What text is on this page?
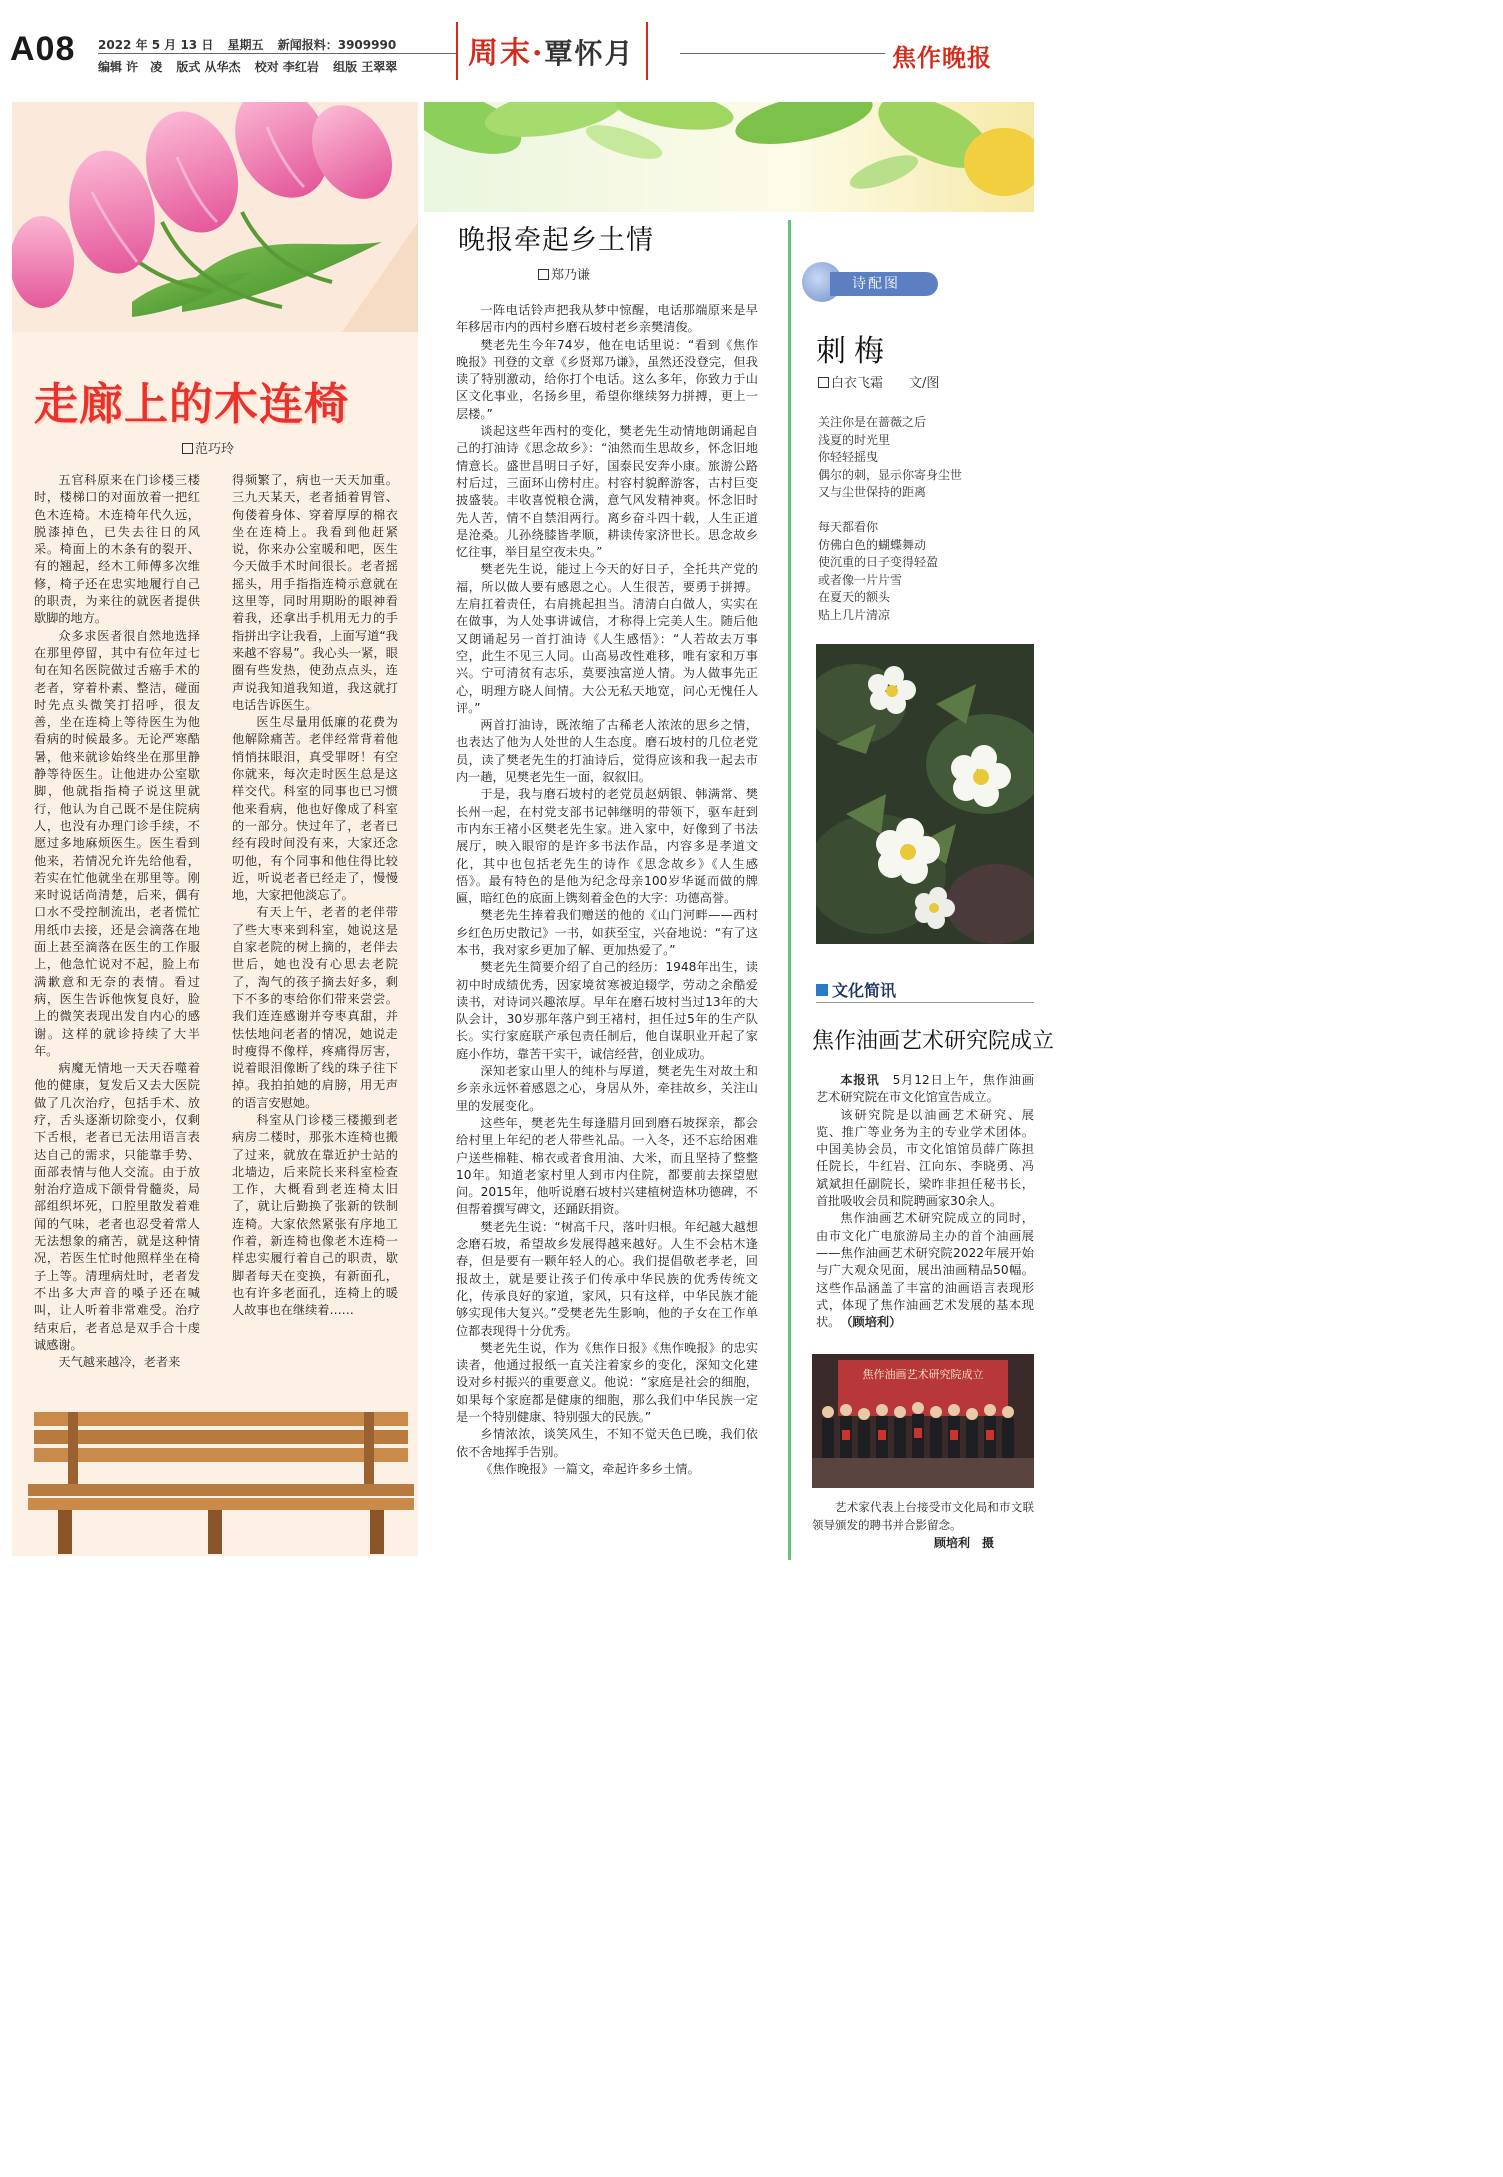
A08 2022 年 5 月 13 日 星期五 新闻报料：3909990
编辑 许　凌 版式 从华杰 校对 李红岩 组版 王翠翠	周末·覃怀月	焦作晚报
走廊上的木连椅
范巧玲

五官科原来在门诊楼三楼时，楼梯口的对面放着一把红色木连椅。木连椅年代久远，脱漆掉色，已失去往日的风采。椅面上的木条有的裂开、有的翘起，经木工师傅多次维修，椅子还在忠实地履行自己的职责，为来往的就医者提供歇脚的地方。

众多求医者很自然地选择在那里停留，其中有位年过七旬在知名医院做过舌癌手术的老者，穿着朴素、整洁，碰面时先点头微笑打招呼，很友善，坐在连椅上等待医生为他看病的时候最多。无论严寒酷暑，他来就诊始终坐在那里静静等待医生。让他进办公室歇脚，他就指指椅子说这里就行，他认为自己既不是住院病人，也没有办理门诊手续，不愿过多地麻烦医生。医生看到他来，若情况允许先给他看，若实在忙他就坐在那里等。刚来时说话尚清楚，后来，偶有口水不受控制流出，老者慌忙用纸巾去接，还是会滴落在地面上甚至滴落在医生的工作服上，他急忙说对不起，脸上布满歉意和无奈的表情。看过病，医生告诉他恢复良好，脸上的微笑表现出发自内心的感谢。这样的就诊持续了大半年。

病魔无情地一天天吞噬着他的健康，复发后又去大医院做了几次治疗，包括手术、放疗，舌头逐渐切除变小，仅剩下舌根，老者已无法用语言表达自己的需求，只能靠手势、面部表情与他人交流。由于放射治疗造成下颌骨骨髓炎，局部组织坏死，口腔里散发着难闻的气味，老者也忍受着常人无法想象的痛苦，就是这种情况，若医生忙时他照样坐在椅子上等。清理病灶时，老者发不出多大声音的嗓子还在喊叫，让人听着非常难受。治疗结束后，老者总是双手合十虔诚感谢。

天气越来越冷，老者来

得频繁了，病也一天天加重。三九天某天，老者插着胃管、佝偻着身体、穿着厚厚的棉衣坐在连椅上。我看到他赶紧说，你来办公室暖和吧，医生今天做手术时间很长。老者摇摇头，用手指指连椅示意就在这里等，同时用期盼的眼神看着我，还拿出手机用无力的手指拼出字让我看，上面写道“我来越不容易”。我心头一紧，眼圈有些发热，使劲点点头，连声说我知道我知道，我这就打电话告诉医生。

医生尽量用低廉的花费为他解除痛苦。老伴经常背着他悄悄抹眼泪，真受罪呀！有空你就来，每次走时医生总是这样交代。科室的同事也已习惯他来看病，他也好像成了科室的一部分。快过年了，老者已经有段时间没有来，大家还念叨他，有个同事和他住得比较近，听说老者已经走了，慢慢地，大家把他淡忘了。

有天上午，老者的老伴带了些大枣来到科室，她说这是自家老院的树上摘的，老伴去世后，她也没有心思去老院了，淘气的孩子摘去好多，剩下不多的枣给你们带来尝尝。我们连连感谢并夸枣真甜，并怯怯地问老者的情况，她说走时瘦得不像样，疼痛得厉害，说着眼泪像断了线的珠子往下掉。我拍拍她的肩膀，用无声的语言安慰她。

科室从门诊楼三楼搬到老病房二楼时，那张木连椅也搬了过来，就放在靠近护士站的北墙边，后来院长来科室检查工作，大概看到老连椅太旧了，就让后勤换了张新的铁制连椅。大家依然紧张有序地工作着，新连椅也像老木连椅一样忠实履行着自己的职责，歇脚者每天在变换，有新面孔，也有许多老面孔，连椅上的暖人故事也在继续着……

晚报牵起乡土情
郑乃谦

一阵电话铃声把我从梦中惊醒，电话那端原来是早年移居市内的西村乡磨石坡村老乡亲樊清俊。

樊老先生今年74岁，他在电话里说：“看到《焦作晚报》刊登的文章《乡贤郑乃谦》，虽然还没登完，但我读了特别激动，给你打个电话。这么多年，你致力于山区文化事业，名扬乡里，希望你继续努力拼搏，更上一层楼。”

谈起这些年西村的变化，樊老先生动情地朗诵起自己的打油诗《思念故乡》：“油然而生思故乡，怀念旧地情意长。盛世昌明日子好，国泰民安奔小康。旅游公路村后过，三面环山傍村庄。村容村貌醉游客，古村巨变披盛装。丰收喜悦粮仓满，意气风发精神爽。怀念旧时先人苦，情不自禁泪两行。离乡奋斗四十载，人生正道是沧桑。儿孙绕膝皆孝顺，耕读传家济世长。思念故乡忆往事，举目星空夜未央。”

樊老先生说，能过上今天的好日子，全托共产党的福，所以做人要有感恩之心。人生很苦，要勇于拼搏。左肩扛着责任，右肩挑起担当。清清白白做人，实实在在做事，为人处事讲诚信，才称得上完美人生。随后他又朗诵起另一首打油诗《人生感悟》：“人若故去万事空，此生不见三人同。山高易改性难移，唯有家和万事兴。宁可清贫有志乐，莫要浊富逆人情。为人做事先正心，明理方晓人间情。大公无私天地宽，问心无愧任人评。”

两首打油诗，既浓缩了古稀老人浓浓的思乡之情，也表达了他为人处世的人生态度。磨石坡村的几位老党员，读了樊老先生的打油诗后，觉得应该和我一起去市内一趟，见樊老先生一面，叙叙旧。

于是，我与磨石坡村的老党员赵炳银、韩满常、樊长州一起，在村党支部书记韩继明的带领下，驱车赶到市内东王褚小区樊老先生家。进入家中，好像到了书法展厅，映入眼帘的是许多书法作品，内容多是孝道文化，其中也包括老先生的诗作《思念故乡》《人生感悟》。最有特色的是他为纪念母亲100岁华诞而做的牌匾，暗红色的底面上镌刻着金色的大字：功德高誉。

樊老先生捧着我们赠送的他的《山门河畔——西村乡红色历史散记》一书，如获至宝，兴奋地说：“有了这本书，我对家乡更加了解、更加热爱了。”

樊老先生简要介绍了自己的经历：1948年出生，读初中时成绩优秀，因家境贫寒被迫辍学，劳动之余酷爱读书，对诗词兴趣浓厚。早年在磨石坡村当过13年的大队会计，30岁那年落户到王褚村，担任过5年的生产队长。实行家庭联产承包责任制后，他自谋职业开起了家庭小作坊，靠苦干实干，诚信经营，创业成功。

深知老家山里人的纯朴与厚道，樊老先生对故土和乡亲永远怀着感恩之心，身居从外，牵挂故乡，关注山里的发展变化。

这些年，樊老先生每逢腊月回到磨石坡探亲，都会给村里上年纪的老人带些礼品。一入冬，还不忘给困难户送些棉鞋、棉衣或者食用油、大米，而且坚持了整整10年。知道老家村里人到市内住院，都要前去探望慰问。2015年，他听说磨石坡村兴建植树造林功德碑，不但帮着撰写碑文，还踊跃捐资。

樊老先生说：“树高千尺，落叶归根。年纪越大越想念磨石坡，希望故乡发展得越来越好。人生不会枯木逢春，但是要有一颗年轻人的心。我们提倡敬老孝老，回报故土，就是要让孩子们传承中华民族的优秀传统文化，传承良好的家道，家风，只有这样，中华民族才能够实现伟大复兴。”受樊老先生影响，他的子女在工作单位都表现得十分优秀。

樊老先生说，作为《焦作日报》《焦作晚报》的忠实读者，他通过报纸一直关注着家乡的变化，深知文化建设对乡村振兴的重要意义。他说：“家庭是社会的细胞，如果每个家庭都是健康的细胞，那么我们中华民族一定是一个特别健康、特别强大的民族。”

乡情浓浓，谈笑风生，不知不觉天色已晚，我们依依不舍地挥手告别。

《焦作晚报》一篇文，牵起许多乡土情。

诗配图
刺梅
白衣飞霜　　 文/图
关注你是在蔷薇之后
浅夏的时光里
你轻轻摇曳
偶尔的刺，显示你寄身尘世
又与尘世保持的距离
每天都看你
仿佛白色的蝴蝶舞动
使沉重的日子变得轻盈
或者像一片片雪
在夏天的额头
贴上几片清凉
文化简讯
焦作油画艺术研究院成立

本报讯　 5月12日上午，焦作油画艺术研究院在市文化馆宣告成立。

该研究院是以油画艺术研究、展览、推广等业务为主的专业学术团体。中国美协会员，市文化馆馆员薛广陈担任院长，牛红岩、江向东、李晓勇、冯斌斌担任副院长，梁昨非担任秘书长，首批吸收会员和院聘画家30余人。

焦作油画艺术研究院成立的同时，由市文化广电旅游局主办的首个油画展——焦作油画艺术研究院2022年展开始与广大观众见面，展出油画精品50幅。这些作品涵盖了丰富的油画语言表现形式，体现了焦作油画艺术发展的基本现状。　 （顾培利）

焦作油画艺术研究院成立
艺术家代表上台接受市文化局和市文联领导颁发的聘书并合影留念。
顾培利　摄
